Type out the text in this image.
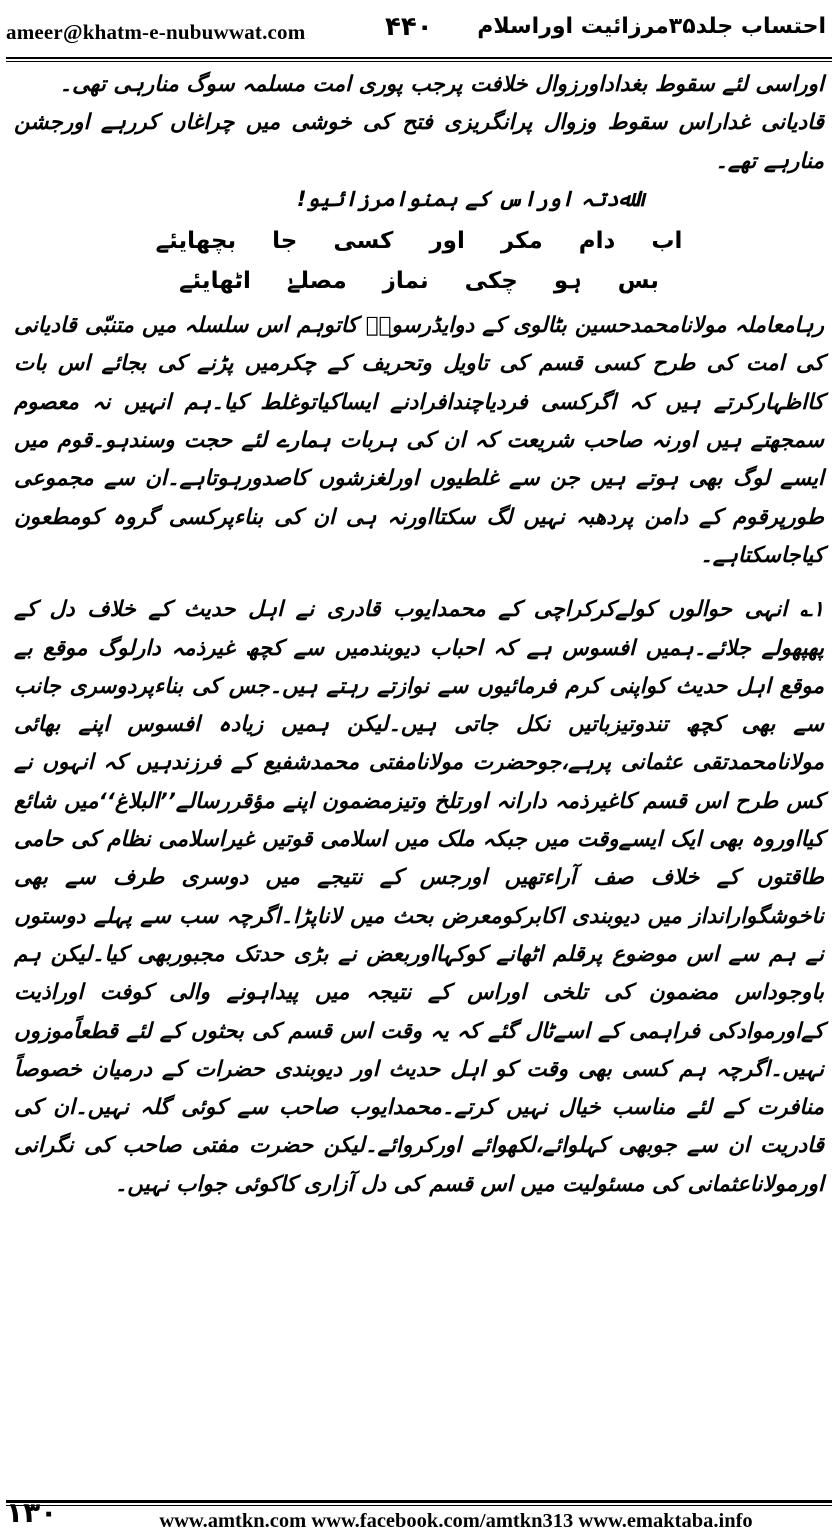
ameer@khatm-e-nubuwwat.com	۴۴۰ احتساب جلد۳۵مرزائیت اوراسلام

اوراسی لئے سقوط بغداداورزوال خلافت پرجب پوری امت مسلمہ سوگ منارہی تھی۔

قادیانی غداراس سقوط وزوال پرانگریزی فتح کی خوشی میں چراغاں کررہے اورجشن منارہے تھے۔

اﷲدتہ اوراس کے ہمنوامرزائیو!

اب دام مکر اور کسی جا بچھایئے
بس ہو چکی نماز مصلےٰ اٹھایئے

رہامعاملہ مولانامحمدحسین بٹالوی کے دوایڈرسوںؒ کاتوہم اس سلسلہ میں متنبّی قادیانی کی امت کی طرح کسی قسم کی تاویل وتحریف کے چکرمیں پڑنے کی بجائے اس بات کااظہارکرتے ہیں کہ اگرکسی فردیاچندافرادنے ایساکیاتوغلط کیا۔ہم انہیں نہ معصوم سمجھتے ہیں اورنہ صاحب شریعت کہ ان کی ہربات ہمارے لئے حجت وسندہو۔قوم میں ایسے لوگ بھی ہوتے ہیں جن سے غلطیوں اورلغزشوں کاصدورہوتاہے۔ان سے مجموعی طورپرقوم کے دامن پردھبہ نہیں لگ سکتااورنہ ہی ان کی بناءپرکسی گروہ کومطعون کیاجاسکتاہے۔

۱؎ انہی حوالوں کولےکرکراچی کے محمدایوب قادری نے اہل حدیث کے خلاف دل کے پھپھولے جلائے۔ہمیں افسوس ہے کہ احباب دیوبندمیں سے کچھ غیرذمہ دارلوگ موقع بے موقع اہل حدیث کواپنی کرم فرمائیوں سے نوازتے رہتے ہیں۔جس کی بناءپردوسری جانب سے بھی کچھ تندوتیزباتیں نکل جاتی ہیں۔لیکن ہمیں زیادہ افسوس اپنے بھائی مولانامحمدتقی عثمانی پرہے،جوحضرت مولانامفتی محمدشفیع کے فرزندہیں کہ انہوں نے کس طرح اس قسم کاغیرذمہ دارانہ اورتلخ وتیزمضمون اپنے مؤقررسالے’’البلاغ‘‘میں شائع کیااوروہ بھی ایک ایسےوقت میں جبکہ ملک میں اسلامی قوتیں غیراسلامی نظام کی حامی طاقتوں کے خلاف صف آراءتھیں اورجس کے نتیجے میں دوسری طرف سے بھی ناخوشگوارانداز میں دیوبندی اکابرکومعرض بحث میں لاناپڑا۔اگرچہ سب سے پہلے دوستوں نے ہم سے اس موضوع پرقلم اٹھانے کوکہااوربعض نے بڑی حدتک مجبوربھی کیا۔لیکن ہم باوجوداس مضمون کی تلخی اوراس کے نتیجہ میں پیداہونے والی کوفت اوراذیت کےاورموادکی فراہمی کے اسےٹال گئے کہ یہ وقت اس قسم کی بحثوں کے لئے قطعاًموزوں نہیں۔اگرچہ ہم کسی بھی وقت کو اہل حدیث اور دیوبندی حضرات کے درمیان خصوصاً منافرت کے لئے مناسب خیال نہیں کرتے۔محمدایوب صاحب سے کوئی گلہ نہیں۔ان کی قادریت ان سے جوبھی کہلوائے،لکھوائے اورکروائے۔لیکن حضرت مفتی صاحب کی نگرانی اورمولاناعثمانی کی مسئولیت میں اس قسم کی دل آزاری کاکوئی جواب نہیں۔

۱۳۰	www.amtkn.com www.facebook.com/amtkn313 www.emaktaba.info
